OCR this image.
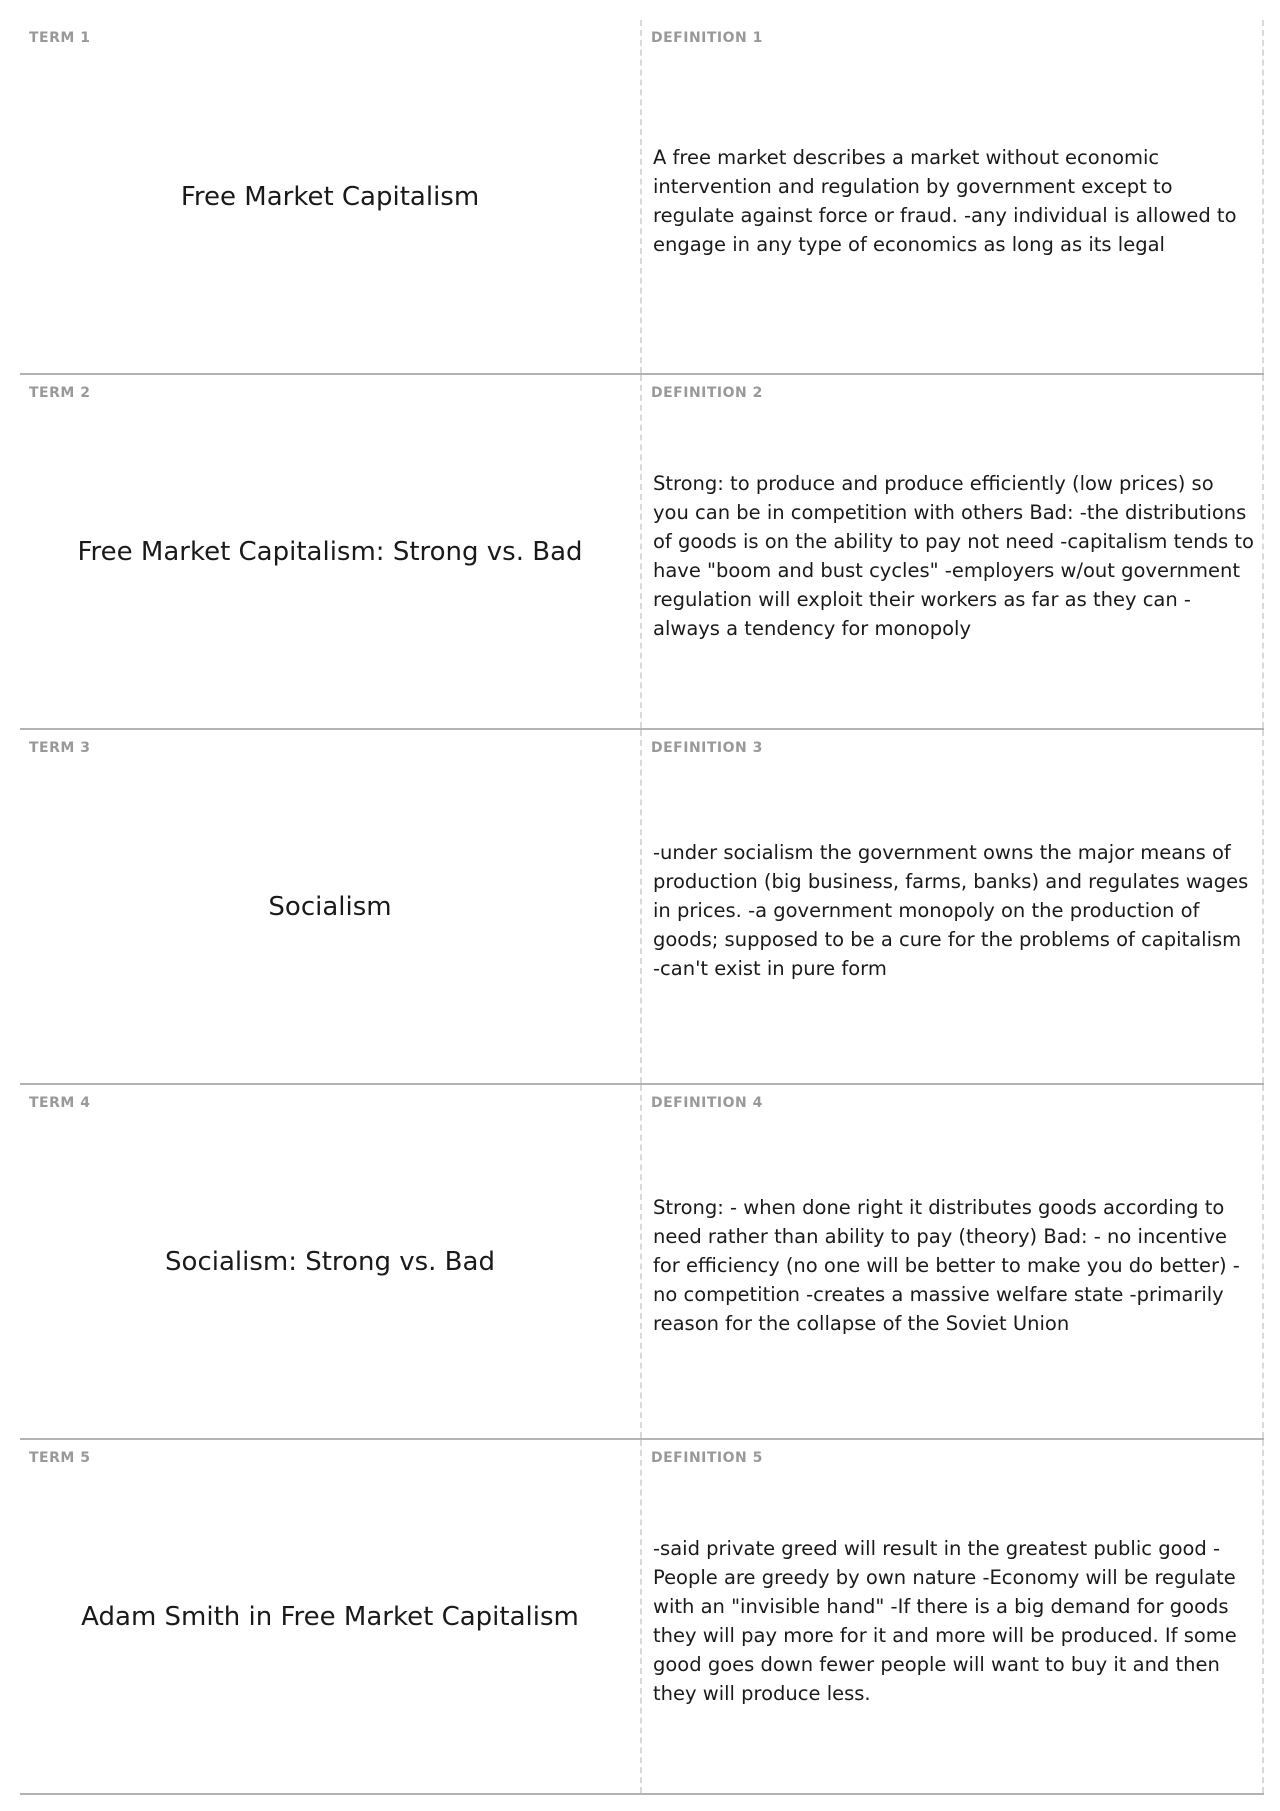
TERM 1
Free Market Capitalism
DEFINITION 1
A free market describes a market without economic intervention and regulation by government except to regulate against force or fraud. -any individual is allowed to engage in any type of economics as long as its legal
TERM 2
Free Market Capitalism: Strong vs. Bad
DEFINITION 2
Strong: to produce and produce efficiently (low prices) so you can be in competition with others Bad: -the distributions of goods is on the ability to pay not need -capitalism tends to have "boom and bust cycles" -employers w/out government regulation will exploit their workers as far as they can -always a tendency for monopoly
TERM 3
Socialism
DEFINITION 3
-under socialism the government owns the major means of production (big business, farms, banks) and regulates wages in prices. -a government monopoly on the production of goods; supposed to be a cure for the problems of capitalism -can't exist in pure form
TERM 4
Socialism: Strong vs. Bad
DEFINITION 4
Strong: - when done right it distributes goods according to need rather than ability to pay (theory) Bad: - no incentive for efficiency (no one will be better to make you do better) -no competition -creates a massive welfare state -primarily reason for the collapse of the Soviet Union
TERM 5
Adam Smith in Free Market Capitalism
DEFINITION 5
-said private greed will result in the greatest public good -People are greedy by own nature -Economy will be regulate with an "invisible hand" -If there is a big demand for goods they will pay more for it and more will be produced. If some good goes down fewer people will want to buy it and then they will produce less.
